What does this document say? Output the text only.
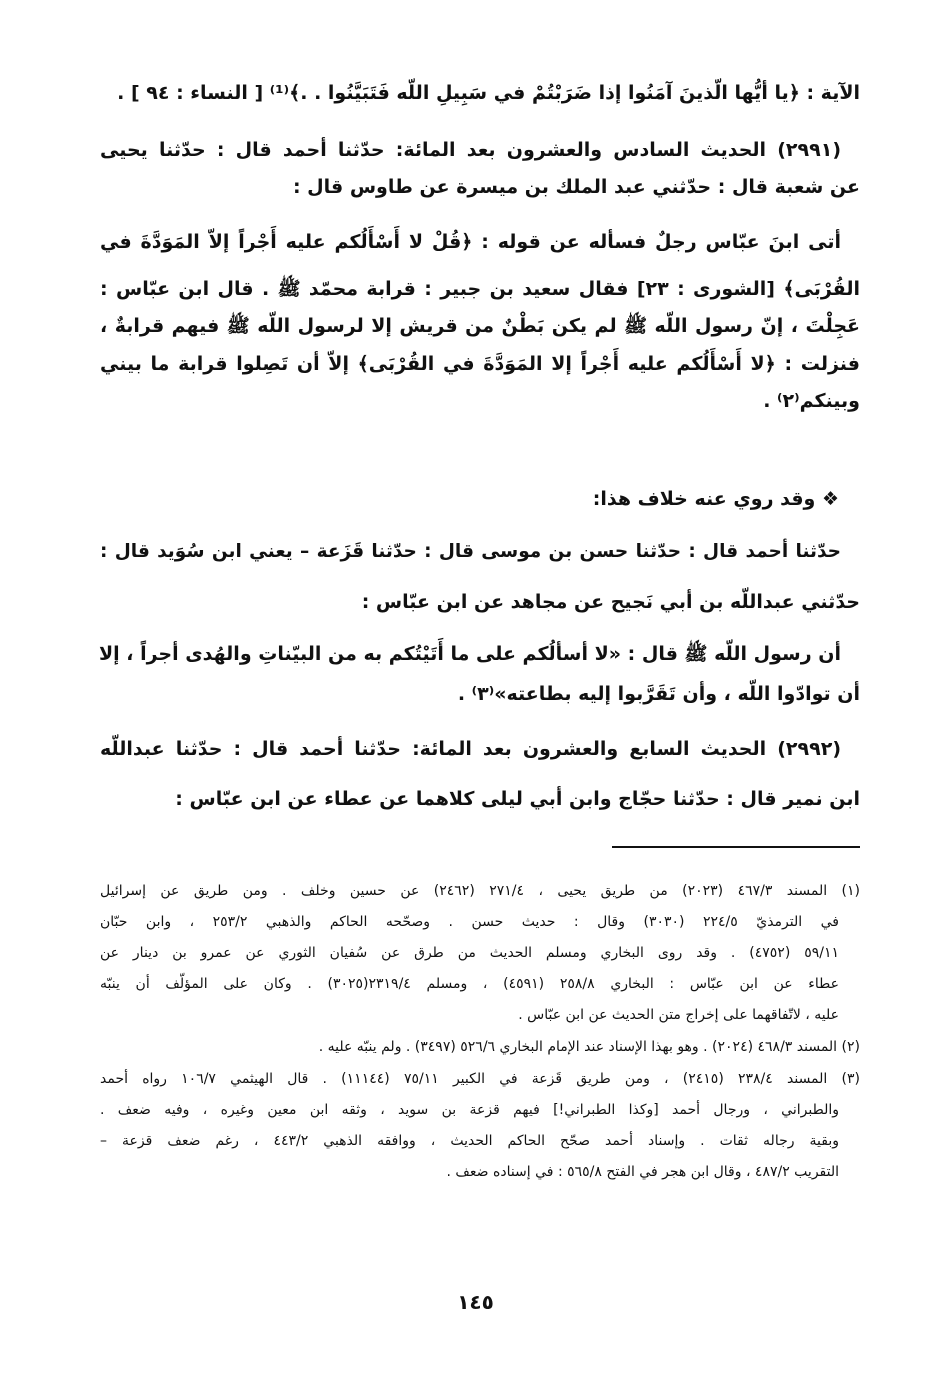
الآية : ﴿يا أيُّها الّذينَ آمَنُوا إذا ضَرَبْتُمْ في سَبِيلِ اللّه فَتَبَيَّنُوا . .﴾⁽¹⁾ [ النساء : ٩٤ ] .
(٢٩٩١) الحديث السادس والعشرون بعد المائة: حدّثنا أحمد قال : حدّثنا يحيى
عن شعبة قال : حدّثني عبد الملك بن ميسرة عن طاوس قال :
أتى ابنَ عبّاس رجلٌ فسأله عن قوله : ﴿قُلْ لا أَسْأَلُكم عليه أَجْراً إلاّ المَوَدَّةَ في
القُرْبَى﴾ [الشورى : ٢٣] فقال سعيد بن جبير : قرابة محمّد ﷺ . قال ابن عبّاس :
عَجِلْتَ ، إنّ رسول اللّه ﷺ لم يكن بَطْنٌ من قريش إلا لرسول اللّه ﷺ فيهم قرابةٌ ،
فنزلت : ﴿لا أَسْأَلُكم عليه أَجْراً إلا المَوَدَّةَ في القُرْبَى﴾ إلاّ أن تَصِلوا قرابة ما بيني
وبينكم⁽٢⁾ .
❖ وقد روي عنه خلاف هذا:
حدّثنا أحمد قال : حدّثنا حسن بن موسى قال : حدّثنا قَزَعة – يعني ابن سُوَيد قال :
حدّثني عبداللّه بن أبي نَجيح عن مجاهد عن ابن عبّاس :
أن رسول اللّه ﷺ قال : «لا أسألُكم على ما أَتَيْتُكم به من البيّناتِ والهُدى أجراً ، إلا
أن توادّوا اللّه ، وأن تَقَرَّبوا إليه بطاعته»⁽٣⁾ .
(٢٩٩٢) الحديث السابع والعشرون بعد المائة: حدّثنا أحمد قال : حدّثنا عبداللّه
ابن نمير قال : حدّثنا حجّاج وابن أبي ليلى كلاهما عن عطاء عن ابن عبّاس :
(١) المسند ٤٦٧/٣ (٢٠٢٣) من طريق يحيى ، ٢٧١/٤ (٢٤٦٢) عن حسين وخلف . ومن طريق عن إسرائيل
في الترمذيّ ٢٢٤/٥ (٣٠٣٠) وقال : حديث حسن . وصحّحه الحاكم والذهبي ٢٥٣/٢ ، وابن حبّان
٥٩/١١ (٤٧٥٢) . وقد روى البخاري ومسلم الحديث من طرق عن سُفيان الثوري عن عمرو بن دينار عن
عطاء عن ابن عبّاس : البخاري ٢٥٨/٨ (٤٥٩١) ، ومسلم ٢٣١٩/٤(٣٠٢٥) . وكان على المؤلّف أن ينبّه
عليه ، لاتّفاقهما على إخراج متن الحديث عن ابن عبّاس .
(٢) المسند ٤٦٨/٣ (٢٠٢٤) . وهو بهذا الإسناد عند الإمام البخاري ٥٢٦/٦ (٣٤٩٧) . ولم ينبّه عليه .
(٣) المسند ٢٣٨/٤ (٢٤١٥) ، ومن طريق قَزعة في الكبير ٧٥/١١ (١١١٤٤) . قال الهيثمي ١٠٦/٧ رواه أحمد
والطبراني ، ورجال أحمد [وكذا الطبراني!] فيهم قزعة بن سويد ، وثقه ابن معين وغيره ، وفيه ضعف .
وبقية رجاله ثقات . وإسناد أحمد صحّح الحاكم الحديث ، ووافقه الذهبي ٤٤٣/٢ ، رغم ضعف قزعة –
التقريب ٤٨٧/٢ ، وقال ابن هجر في الفتح ٥٦٥/٨ : في إسناده ضعف .
١٤٥
